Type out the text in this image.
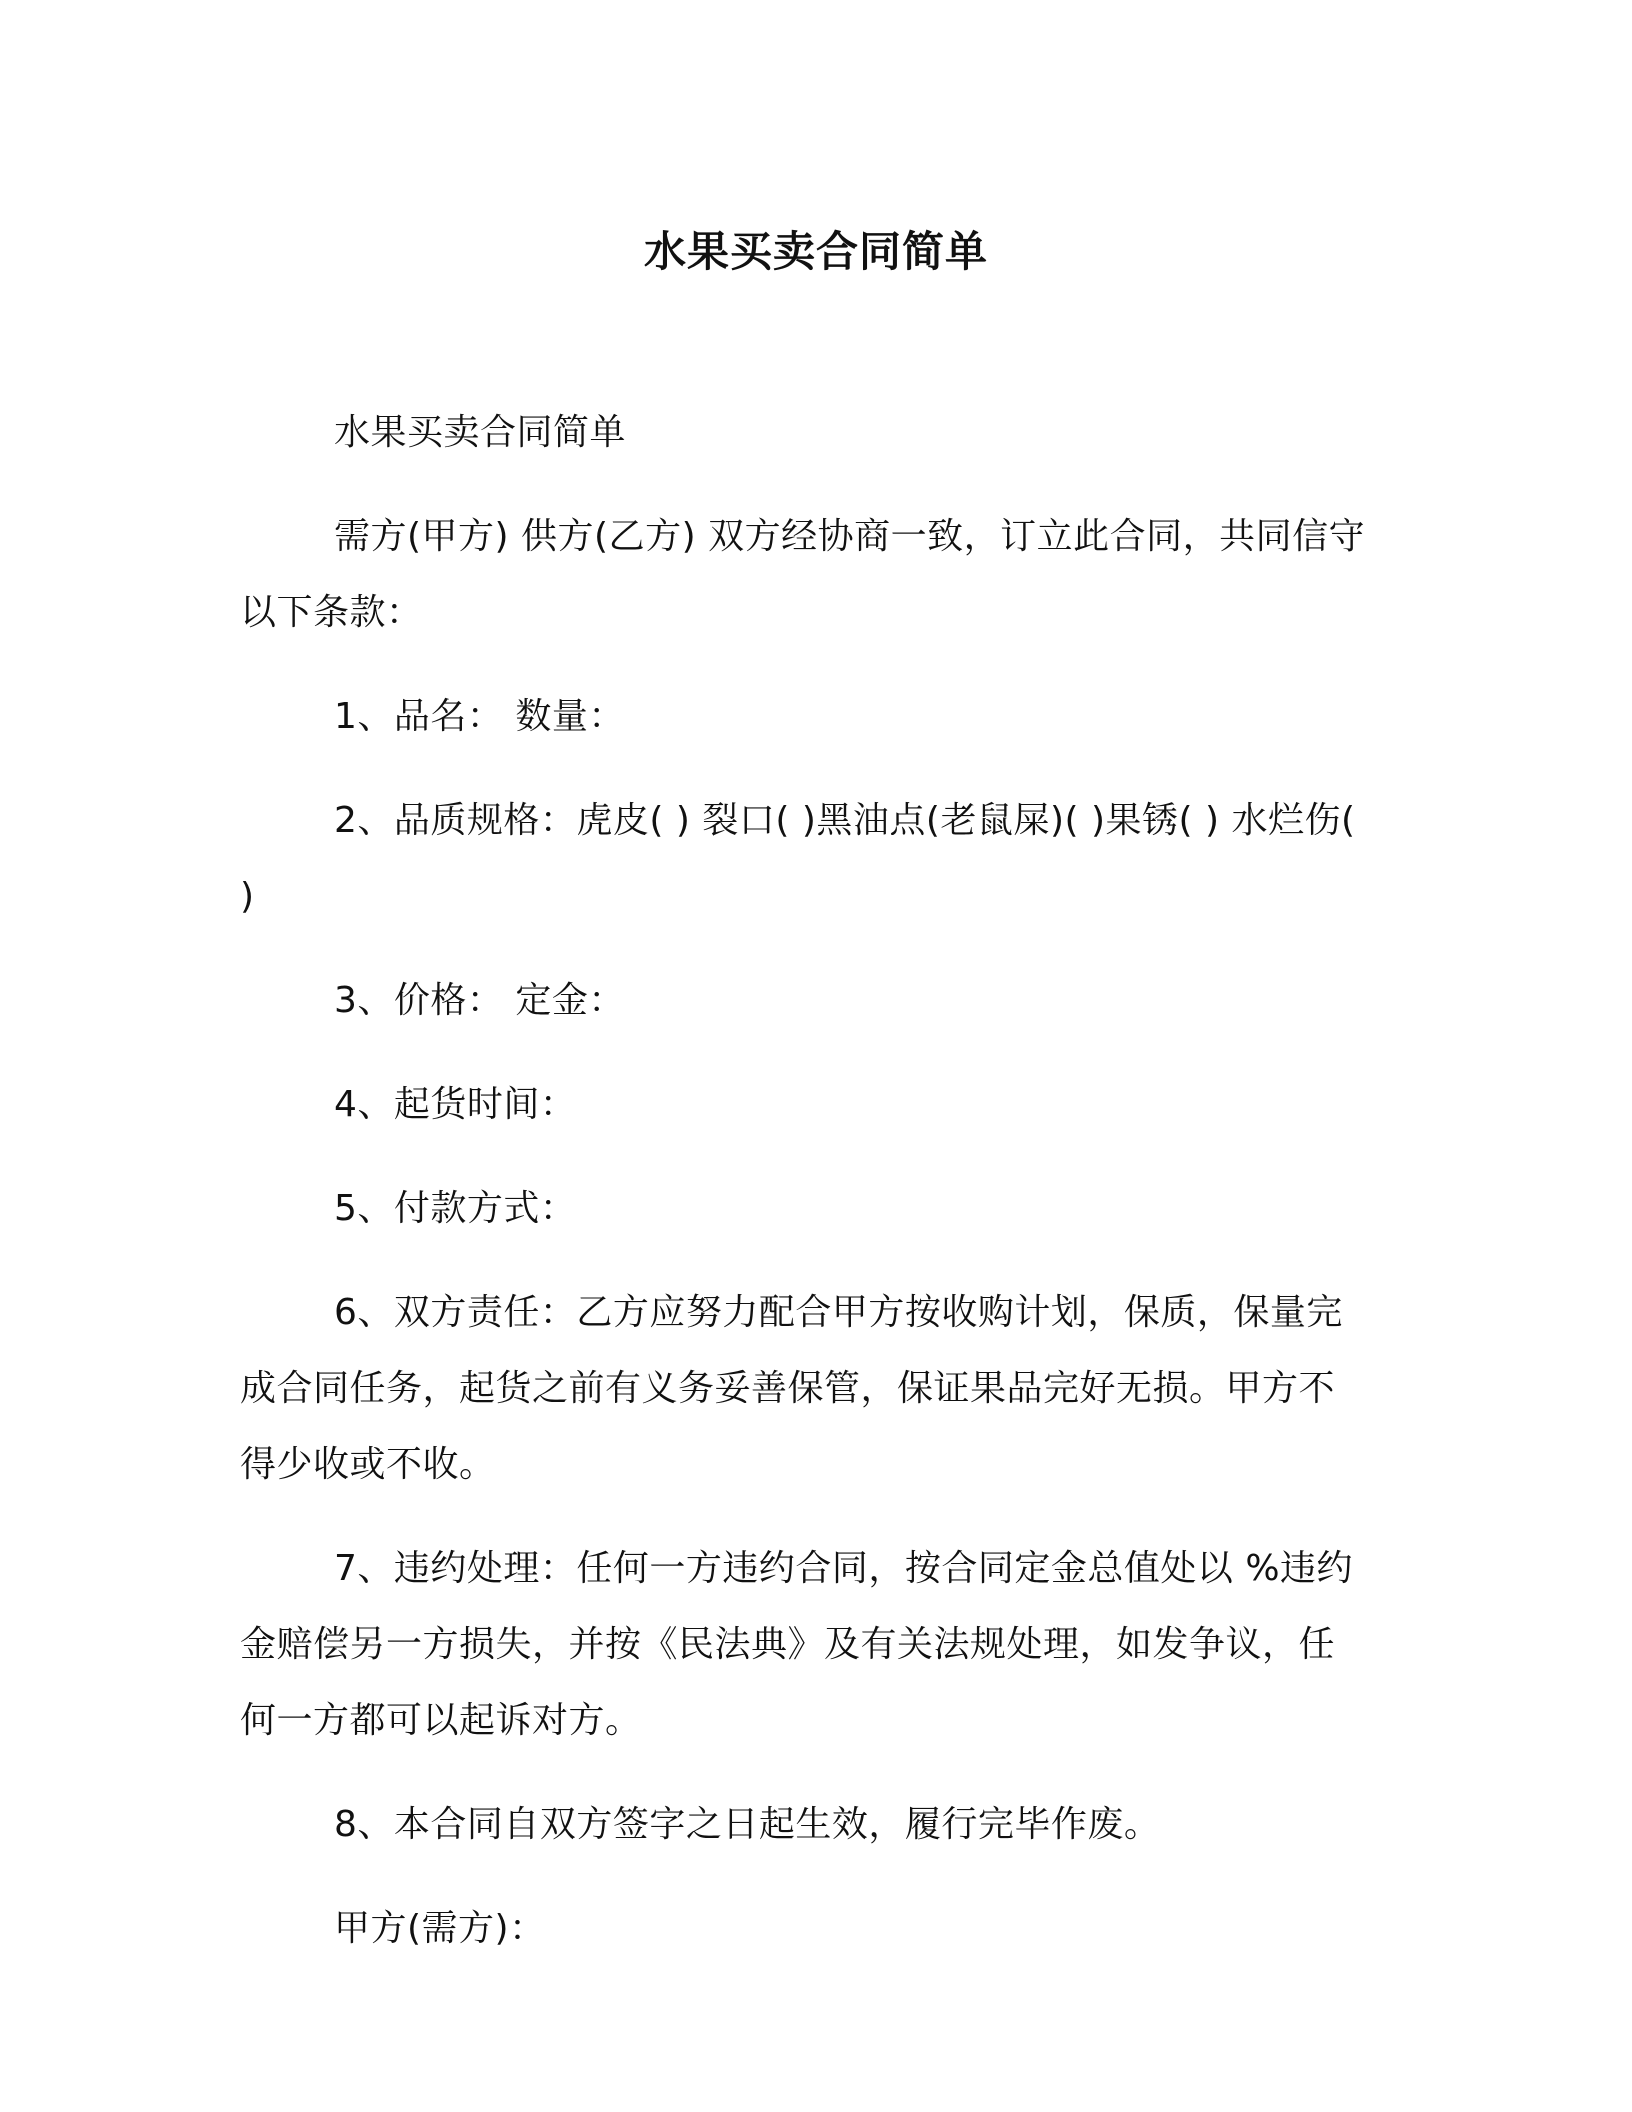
水果买卖合同简单

水果买卖合同简单

需方(甲方) 供方(乙方) 双方经协商一致，订立此合同，共同信守以下条款：

1、品名： 数量：

2、品质规格：虎皮( ) 裂口( )黑油点(老鼠屎)( )果锈( ) 水烂伤( )

3、价格： 定金：

4、起货时间：

5、付款方式：

6、双方责任：乙方应努力配合甲方按收购计划，保质，保量完成合同任务，起货之前有义务妥善保管，保证果品完好无损。甲方不得少收或不收。

7、违约处理：任何一方违约合同，按合同定金总值处以 %违约金赔偿另一方损失，并按《民法典》及有关法规处理，如发争议，任何一方都可以起诉对方。

8、本合同自双方签字之日起生效，履行完毕作废。

甲方(需方)：
